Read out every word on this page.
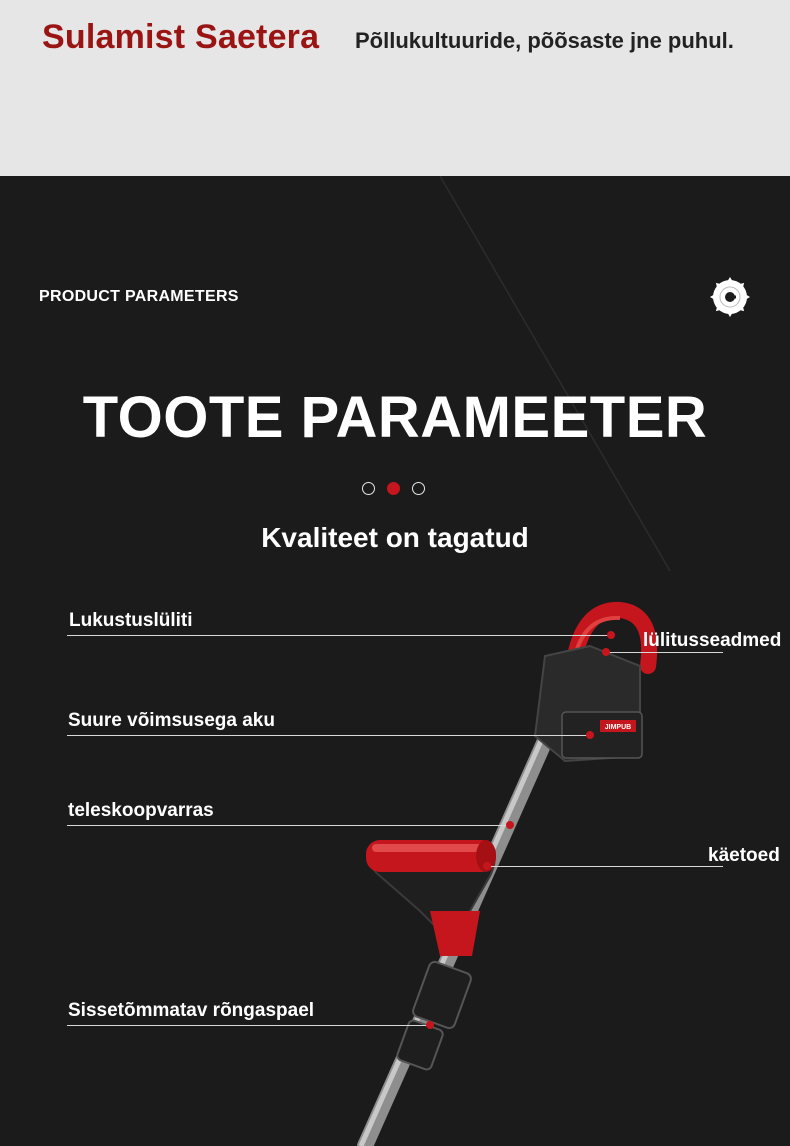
Sulamist Saetera Põllukultuuride, põõsaste jne puhul.
PRODUCT PARAMETERS
TOOTE PARAMEETER
Kvaliteet on tagatud
JIMPUB
Lukustuslüliti
lülitusseadmed
Suure võimsusega aku
teleskoopvarras
käetoed
Sissetõmmatav rõngaspael
